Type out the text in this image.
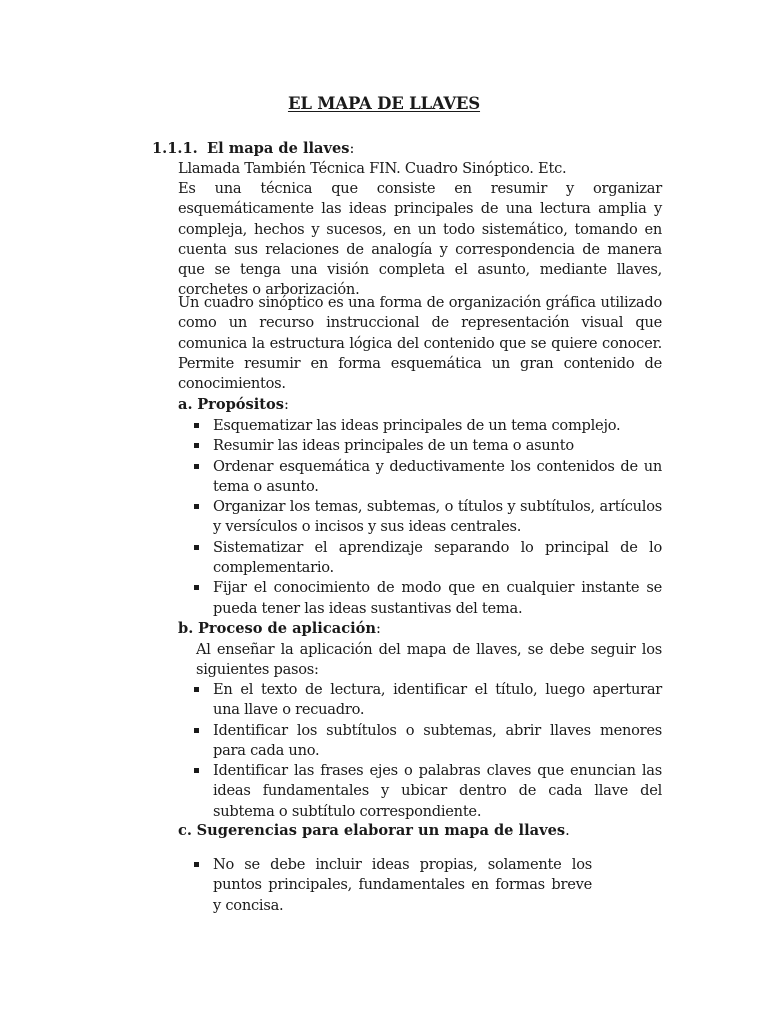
EL MAPA DE LLAVES
1.1.1. El mapa de llaves:
Llamada También Técnica FIN. Cuadro Sinóptico. Etc.
Es una técnica que consiste en resumir y organizar esquemáticamente las ideas principales de una lectura amplia y compleja, hechos y sucesos, en un todo sistemático, tomando en cuenta sus relaciones de analogía y correspondencia de manera que se tenga una visión completa el asunto, mediante llaves, corchetes o arborización.
Un cuadro sinóptico es una forma de organización gráfica utilizado como un recurso instruccional de representación visual que comunica la estructura lógica del contenido que se quiere conocer. Permite resumir en forma esquemática un gran contenido de conocimientos.
a. Propósitos:
Esquematizar las ideas principales de un tema complejo.
Resumir las ideas principales de un tema o asunto
Ordenar esquemática y deductivamente los contenidos de un tema o asunto.
Organizar los temas, subtemas, o títulos y subtítulos, artículos y versículos o incisos y sus ideas centrales.
Sistematizar el aprendizaje separando lo principal de lo complementario.
Fijar el conocimiento de modo que en cualquier instante se pueda tener las ideas sustantivas del tema.
b. Proceso de aplicación:
Al enseñar la aplicación del mapa de llaves, se debe seguir los siguientes pasos:
En el texto de lectura, identificar el título, luego aperturar una llave o recuadro.
Identificar los subtítulos o subtemas, abrir llaves menores para cada uno.
Identificar las frases ejes o palabras claves que enuncian las ideas fundamentales y ubicar dentro de cada llave del subtema o subtítulo correspondiente.
c. Sugerencias para elaborar un mapa de llaves.
No se debe incluir ideas propias, solamente los puntos principales, fundamentales en formas breve y concisa.
